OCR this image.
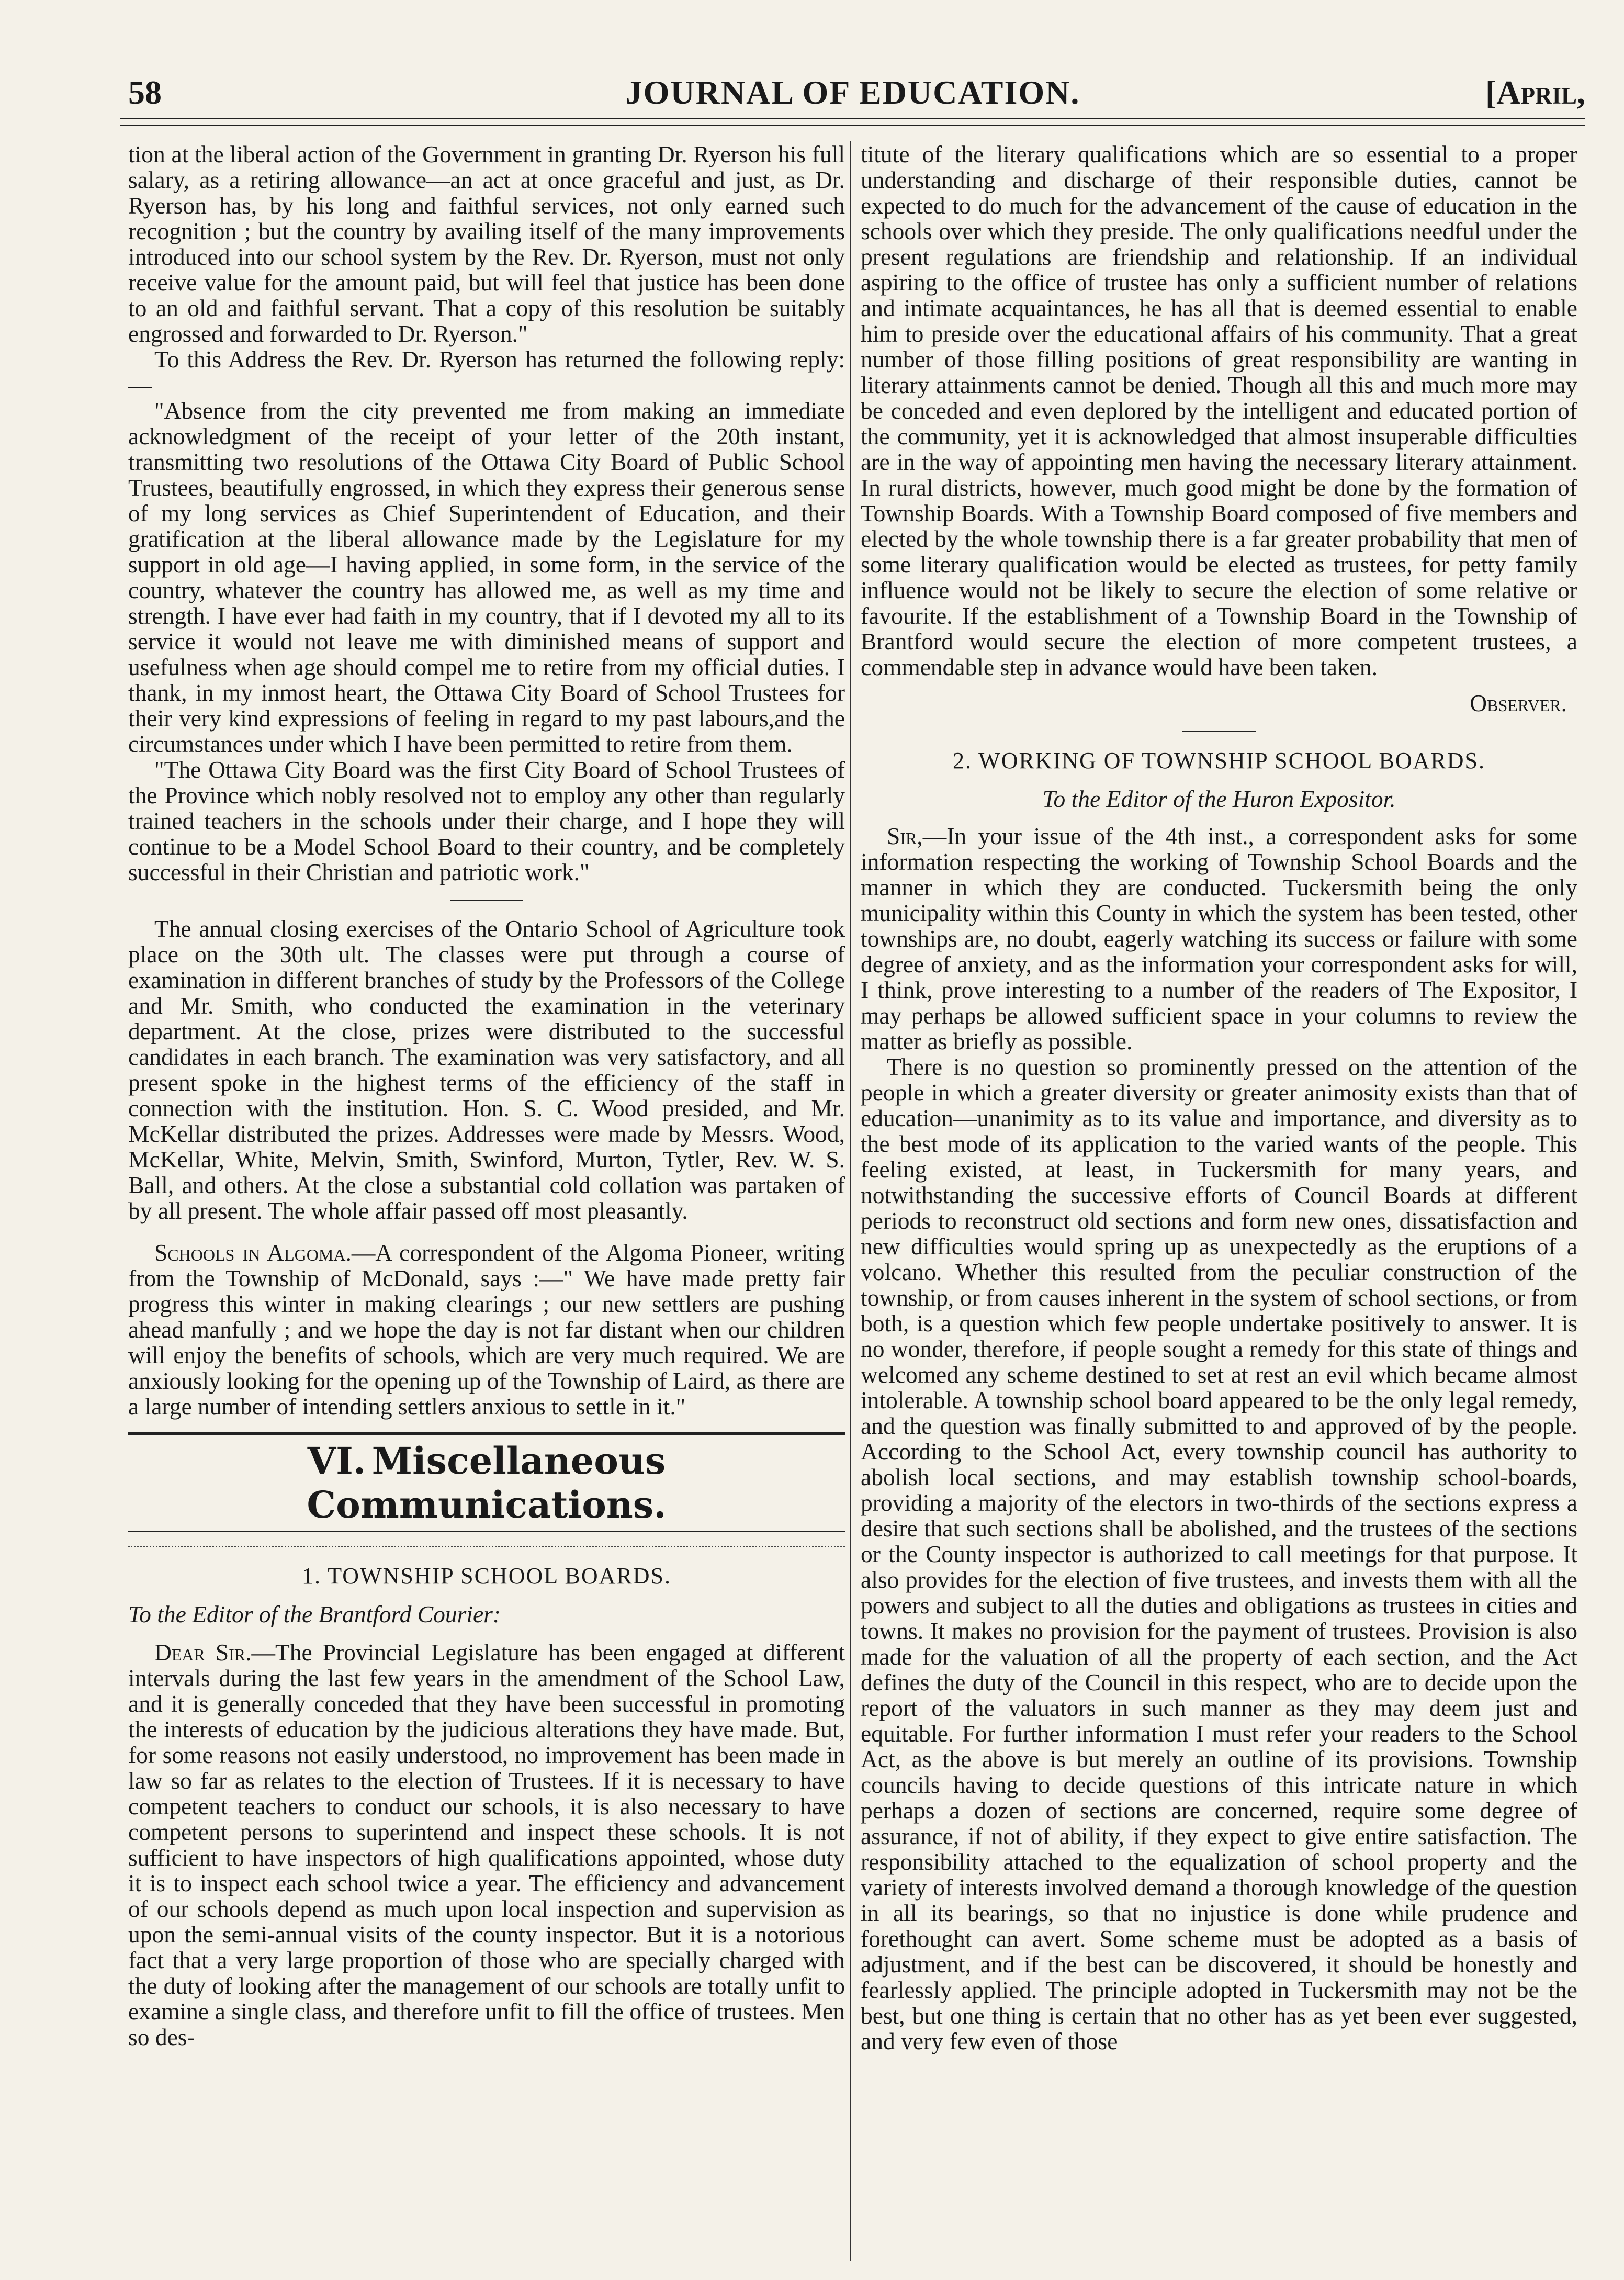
58	JOURNAL OF EDUCATION.	[April,

tion at the liberal action of the Government in granting Dr. Ryerson his full salary, as a retiring allowance—an act at once graceful and just, as Dr. Ryerson has, by his long and faithful services, not only earned such recognition ; but the country by availing itself of the many improvements introduced into our school system by the Rev. Dr. Ryerson, must not only receive value for the amount paid, but will feel that justice has been done to an old and faithful servant. That a copy of this resolution be suitably engrossed and forwarded to Dr. Ryerson."

To this Address the Rev. Dr. Ryerson has returned the following reply:—

"Absence from the city prevented me from making an immediate acknowledgment of the receipt of your letter of the 20th instant, transmitting two resolutions of the Ottawa City Board of Public School Trustees, beautifully engrossed, in which they express their generous sense of my long services as Chief Superintendent of Education, and their gratification at the liberal allowance made by the Legislature for my support in old age—I having applied, in some form, in the service of the country, whatever the country has allowed me, as well as my time and strength. I have ever had faith in my country, that if I devoted my all to its service it would not leave me with diminished means of support and usefulness when age should compel me to retire from my official duties. I thank, in my inmost heart, the Ottawa City Board of School Trustees for their very kind expressions of feeling in regard to my past labours,and the circumstances under which I have been permitted to retire from them.

"The Ottawa City Board was the first City Board of School Trustees of the Province which nobly resolved not to employ any other than regularly trained teachers in the schools under their charge, and I hope they will continue to be a Model School Board to their country, and be completely successful in their Christian and patriotic work."

The annual closing exercises of the Ontario School of Agriculture took place on the 30th ult. The classes were put through a course of examination in different branches of study by the Professors of the College and Mr. Smith, who conducted the examination in the veterinary department. At the close, prizes were distributed to the successful candidates in each branch. The examination was very satisfactory, and all present spoke in the highest terms of the efficiency of the staff in connection with the institution. Hon. S. C. Wood presided, and Mr. McKellar distributed the prizes. Addresses were made by Messrs. Wood, McKellar, White, Melvin, Smith, Swinford, Murton, Tytler, Rev. W. S. Ball, and others. At the close a substantial cold collation was partaken of by all present. The whole affair passed off most pleasantly.

Schools in Algoma.—A correspondent of the Algoma Pioneer, writing from the Township of McDonald, says :—" We have made pretty fair progress this winter in making clearings ; our new settlers are pushing ahead manfully ; and we hope the day is not far distant when our children will enjoy the benefits of schools, which are very much required. We are anxiously looking for the opening up of the Township of Laird, as there are a large number of intending settlers anxious to settle in it."

VI. Miscellaneous Communications.
1. TOWNSHIP SCHOOL BOARDS.

To the Editor of the Brantford Courier:

Dear Sir.—The Provincial Legislature has been engaged at different intervals during the last few years in the amendment of the School Law, and it is generally conceded that they have been successful in promoting the interests of education by the judicious alterations they have made. But, for some reasons not easily understood, no improvement has been made in law so far as relates to the election of Trustees. If it is necessary to have competent teachers to conduct our schools, it is also necessary to have competent persons to superintend and inspect these schools. It is not sufficient to have inspectors of high qualifications appointed, whose duty it is to inspect each school twice a year. The efficiency and advancement of our schools depend as much upon local inspection and supervision as upon the semi-annual visits of the county inspector. But it is a notorious fact that a very large proportion of those who are specially charged with the duty of looking after the management of our schools are totally unfit to examine a single class, and therefore unfit to fill the office of trustees. Men so des-

titute of the literary qualifications which are so essential to a proper understanding and discharge of their responsible duties, cannot be expected to do much for the advancement of the cause of education in the schools over which they preside. The only qualifications needful under the present regulations are friendship and relationship. If an individual aspiring to the office of trustee has only a sufficient number of relations and intimate acquaintances, he has all that is deemed essential to enable him to preside over the educational affairs of his community. That a great number of those filling positions of great responsibility are wanting in literary attainments cannot be denied. Though all this and much more may be conceded and even deplored by the intelligent and educated portion of the community, yet it is acknowledged that almost insuperable difficulties are in the way of appointing men having the necessary literary attainment. In rural districts, however, much good might be done by the formation of Township Boards. With a Township Board composed of five members and elected by the whole township there is a far greater probability that men of some literary qualification would be elected as trustees, for petty family influence would not be likely to secure the election of some relative or favourite. If the establishment of a Township Board in the Township of Brantford would secure the election of more competent trustees, a commendable step in advance would have been taken.

Observer.
2. WORKING OF TOWNSHIP SCHOOL BOARDS.
To the Editor of the Huron Expositor.

Sir,—In your issue of the 4th inst., a correspondent asks for some information respecting the working of Township School Boards and the manner in which they are conducted. Tuckersmith being the only municipality within this County in which the system has been tested, other townships are, no doubt, eagerly watching its success or failure with some degree of anxiety, and as the information your correspondent asks for will, I think, prove interesting to a number of the readers of The Expositor, I may perhaps be allowed sufficient space in your columns to review the matter as briefly as possible.

There is no question so prominently pressed on the attention of the people in which a greater diversity or greater animosity exists than that of education—unanimity as to its value and importance, and diversity as to the best mode of its application to the varied wants of the people. This feeling existed, at least, in Tuckersmith for many years, and notwithstanding the successive efforts of Council Boards at different periods to reconstruct old sections and form new ones, dissatisfaction and new difficulties would spring up as unexpectedly as the eruptions of a volcano. Whether this resulted from the peculiar construction of the township, or from causes inherent in the system of school sections, or from both, is a question which few people undertake positively to answer. It is no wonder, therefore, if people sought a remedy for this state of things and welcomed any scheme destined to set at rest an evil which became almost intolerable. A township school board appeared to be the only legal remedy, and the question was finally submitted to and approved of by the people. According to the School Act, every township council has authority to abolish local sections, and may establish township school-boards, providing a majority of the electors in two-thirds of the sections express a desire that such sections shall be abolished, and the trustees of the sections or the County inspector is authorized to call meetings for that purpose. It also provides for the election of five trustees, and invests them with all the powers and subject to all the duties and obligations as trustees in cities and towns. It makes no provision for the payment of trustees. Provision is also made for the valuation of all the property of each section, and the Act defines the duty of the Council in this respect, who are to decide upon the report of the valuators in such manner as they may deem just and equitable. For further information I must refer your readers to the School Act, as the above is but merely an outline of its provisions. Township councils having to decide questions of this intricate nature in which perhaps a dozen of sections are concerned, require some degree of assurance, if not of ability, if they expect to give entire satisfaction. The responsibility attached to the equalization of school property and the variety of interests involved demand a thorough knowledge of the question in all its bearings, so that no injustice is done while prudence and forethought can avert. Some scheme must be adopted as a basis of adjustment, and if the best can be discovered, it should be honestly and fearlessly applied. The principle adopted in Tuckersmith may not be the best, but one thing is certain that no other has as yet been ever suggested, and very few even of those
